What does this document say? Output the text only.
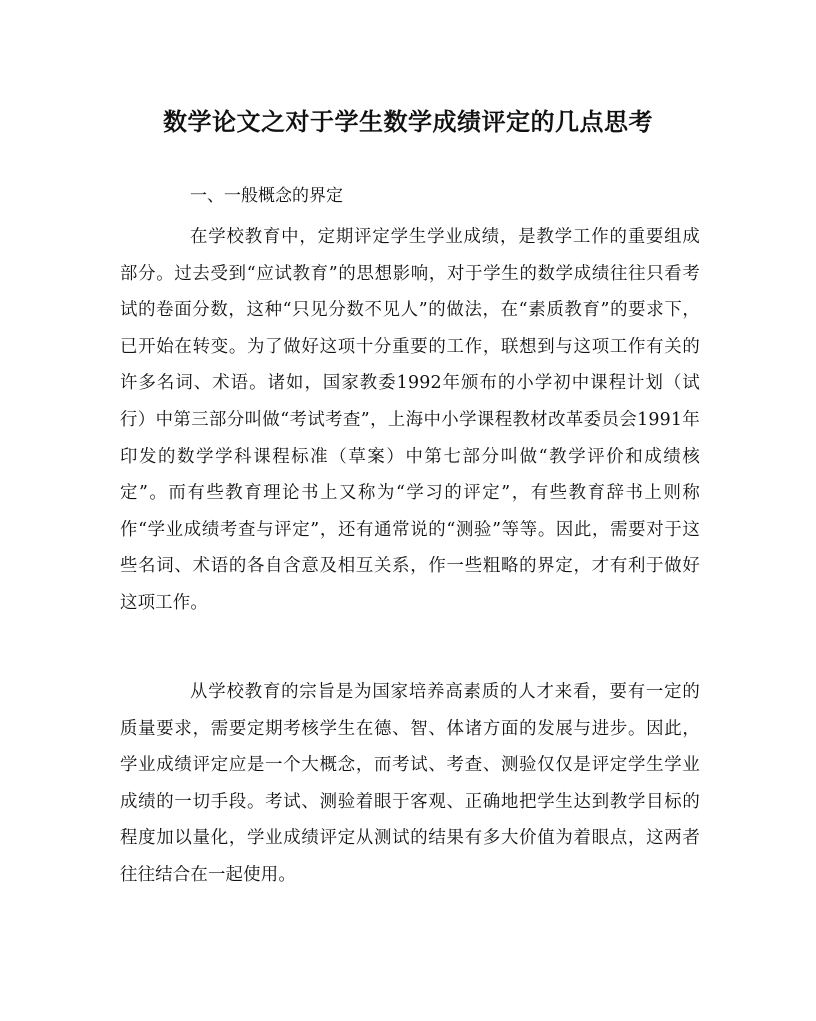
数学论文之对于学生数学成绩评定的几点思考
一、一般概念的界定

在学校教育中，定期评定学生学业成绩，是教学工作的重要组成部分。过去受到“应试教育”的思想影响，对于学生的数学成绩往往只看考试的卷面分数，这种“只见分数不见人”的做法，在“素质教育”的要求下，已开始在转变。为了做好这项十分重要的工作，联想到与这项工作有关的许多名词、术语。诸如，国家教委1992年颁布的小学初中课程计划（试行）中第三部分叫做“考试考查”，上海中小学课程教材改革委员会1991年印发的数学学科课程标准（草案）中第七部分叫做“教学评价和成绩核定”。而有些教育理论书上又称为“学习的评定”，有些教育辞书上则称作“学业成绩考查与评定”，还有通常说的“测验”等等。因此，需要对于这些名词、术语的各自含意及相互关系，作一些粗略的界定，才有利于做好这项工作。

从学校教育的宗旨是为国家培养高素质的人才来看，要有一定的质量要求，需要定期考核学生在德、智、体诸方面的发展与进步。因此，学业成绩评定应是一个大概念，而考试、考查、测验仅仅是评定学生学业成绩的一切手段。考试、测验着眼于客观、正确地把学生达到教学目标的程度加以量化，学业成绩评定从测试的结果有多大价值为着眼点，这两者往往结合在一起使用。
